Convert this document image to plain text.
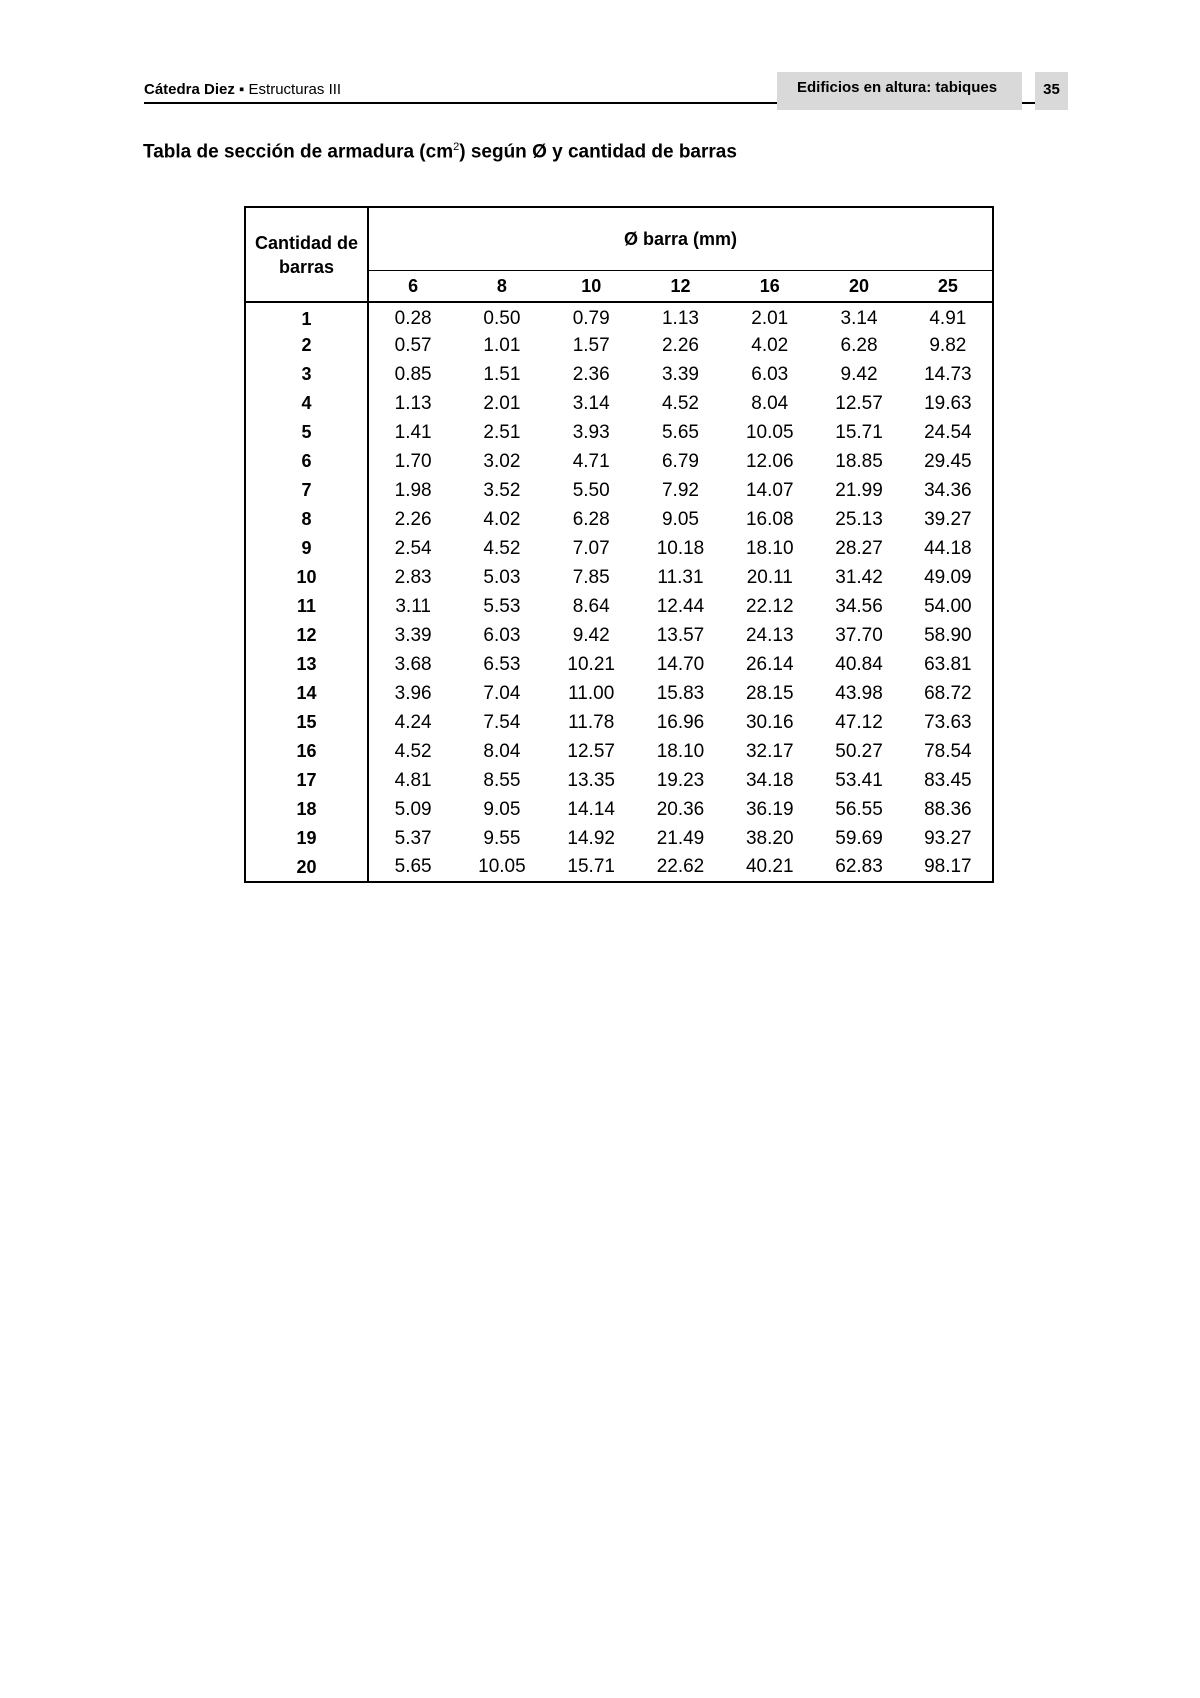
Cátedra Diez ▪ Estructuras III	Edificios en altura: tabiques	35
Tabla de sección de armadura $(cm^2)$ según Ø y cantidad de barras
Cantidad de barras	Ø barra (mm)						
	6	8	10	12	16	20	25
1	0.28	0.50	0.79	1.13	2.01	3.14	4.91
2	0.57	1.01	1.57	2.26	4.02	6.28	9.82
3	0.85	1.51	2.36	3.39	6.03	9.42	14.73
4	1.13	2.01	3.14	4.52	8.04	12.57	19.63
5	1.41	2.51	3.93	5.65	10.05	15.71	24.54
6	1.70	3.02	4.71	6.79	12.06	18.85	29.45
7	1.98	3.52	5.50	7.92	14.07	21.99	34.36
8	2.26	4.02	6.28	9.05	16.08	25.13	39.27
9	2.54	4.52	7.07	10.18	18.10	28.27	44.18
10	2.83	5.03	7.85	11.31	20.11	31.42	49.09
11	3.11	5.53	8.64	12.44	22.12	34.56	54.00
12	3.39	6.03	9.42	13.57	24.13	37.70	58.90
13	3.68	6.53	10.21	14.70	26.14	40.84	63.81
14	3.96	7.04	11.00	15.83	28.15	43.98	68.72
15	4.24	7.54	11.78	16.96	30.16	47.12	73.63
16	4.52	8.04	12.57	18.10	32.17	50.27	78.54
17	4.81	8.55	13.35	19.23	34.18	53.41	83.45
18	5.09	9.05	14.14	20.36	36.19	56.55	88.36
19	5.37	9.55	14.92	21.49	38.20	59.69	93.27
20	5.65	10.05	15.71	22.62	40.21	62.83	98.17
